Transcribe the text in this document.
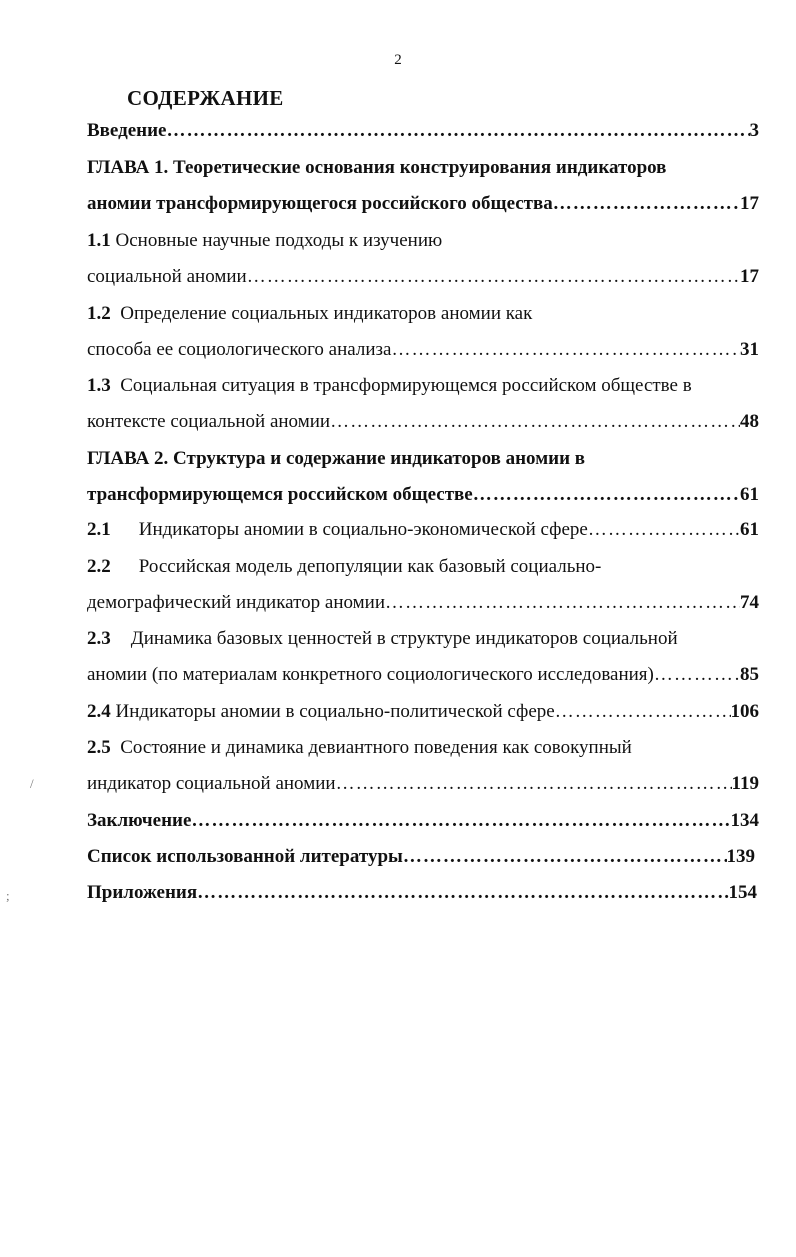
2
СОДЕРЖАНИЕ
Введение ………………………………………………………………………………………………………………………………………………………………………………………	3
ГЛАВА 1. Теоретические основания конструирования индикаторов
аномии трансформирующегося российского общества ………………………………………………………………………………………………………………………………………………………………………………………	17
1.1 Основные научные подходы к изучению
социальной аномии ………………………………………………………………………………………………………………………………………………………………………………………	17
1.2 Определение социальных индикаторов аномии как
способа ее социологического анализа ………………………………………………………………………………………………………………………………………………………………………………………	31
1.3 Социальная ситуация в трансформирующемся российском обществе в
контексте социальной аномии ………………………………………………………………………………………………………………………………………………………………………………………	48
ГЛАВА 2. Структура и содержание индикаторов аномии в
трансформирующемся российском обществе ………………………………………………………………………………………………………………………………………………………………………………………	61
2.1 Индикаторы аномии в социально-экономической сфере ………………………………………………………………………………………………………………………………………………………………………………………	61
2.2 Российская модель депопуляции как базовый социально-
демографический индикатор аномии ………………………………………………………………………………………………………………………………………………………………………………………	74
2.3 Динамика базовых ценностей в структуре индикаторов социальной
аномии (по материалам конкретного социологического исследования) ………………………………………………………………………………………………………………………………………………………………………………………	85
2.4 Индикаторы аномии в социально-политической сфере ………………………………………………………………………………………………………………………………………………………………………………………	106
2.5 Состояние и динамика девиантного поведения как совокупный
индикатор социальной аномии ………………………………………………………………………………………………………………………………………………………………………………………	119
Заключение ………………………………………………………………………………………………………………………………………………………………………………………	134
Список использованной литературы ………………………………………………………………………………………………………………………………………………………………………………………	139
Приложения ………………………………………………………………………………………………………………………………………………………………………………………	154
/
;
